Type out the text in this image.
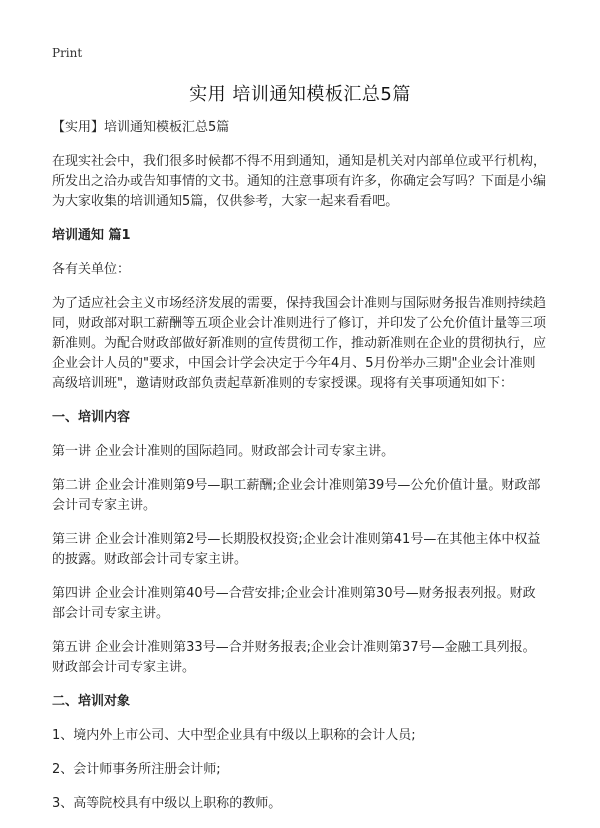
Print
实用 培训通知模板汇总5篇

【实用】培训通知模板汇总5篇

在现实社会中，我们很多时候都不得不用到通知，通知是机关对内部单位或平行机构，所发出之洽办或告知事情的文书。通知的注意事项有许多，你确定会写吗？下面是小编为大家收集的培训通知5篇，仅供参考，大家一起来看看吧。

培训通知 篇1

各有关单位：

为了适应社会主义市场经济发展的需要，保持我国会计准则与国际财务报告准则持续趋同，财政部对职工薪酬等五项企业会计准则进行了修订，并印发了公允价值计量等三项新准则。为配合财政部做好新准则的宣传贯彻工作，推动新准则在企业的贯彻执行，应企业会计人员的"要求，中国会计学会决定于今年4月、5月份举办三期"企业会计准则高级培训班"，邀请财政部负责起草新准则的专家授课。现将有关事项通知如下：

一、培训内容

第一讲 企业会计准则的国际趋同。财政部会计司专家主讲。

第二讲 企业会计准则第9号—职工薪酬;企业会计准则第39号—公允价值计量。财政部会计司专家主讲。

第三讲 企业会计准则第2号—长期股权投资;企业会计准则第41号—在其他主体中权益的披露。财政部会计司专家主讲。

第四讲 企业会计准则第40号—合营安排;企业会计准则第30号—财务报表列报。财政部会计司专家主讲。

第五讲 企业会计准则第33号—合并财务报表;企业会计准则第37号—金融工具列报。财政部会计司专家主讲。

二、培训对象

1、境内外上市公司、大中型企业具有中级以上职称的会计人员;

2、会计师事务所注册会计师;

3、高等院校具有中级以上职称的教师。
